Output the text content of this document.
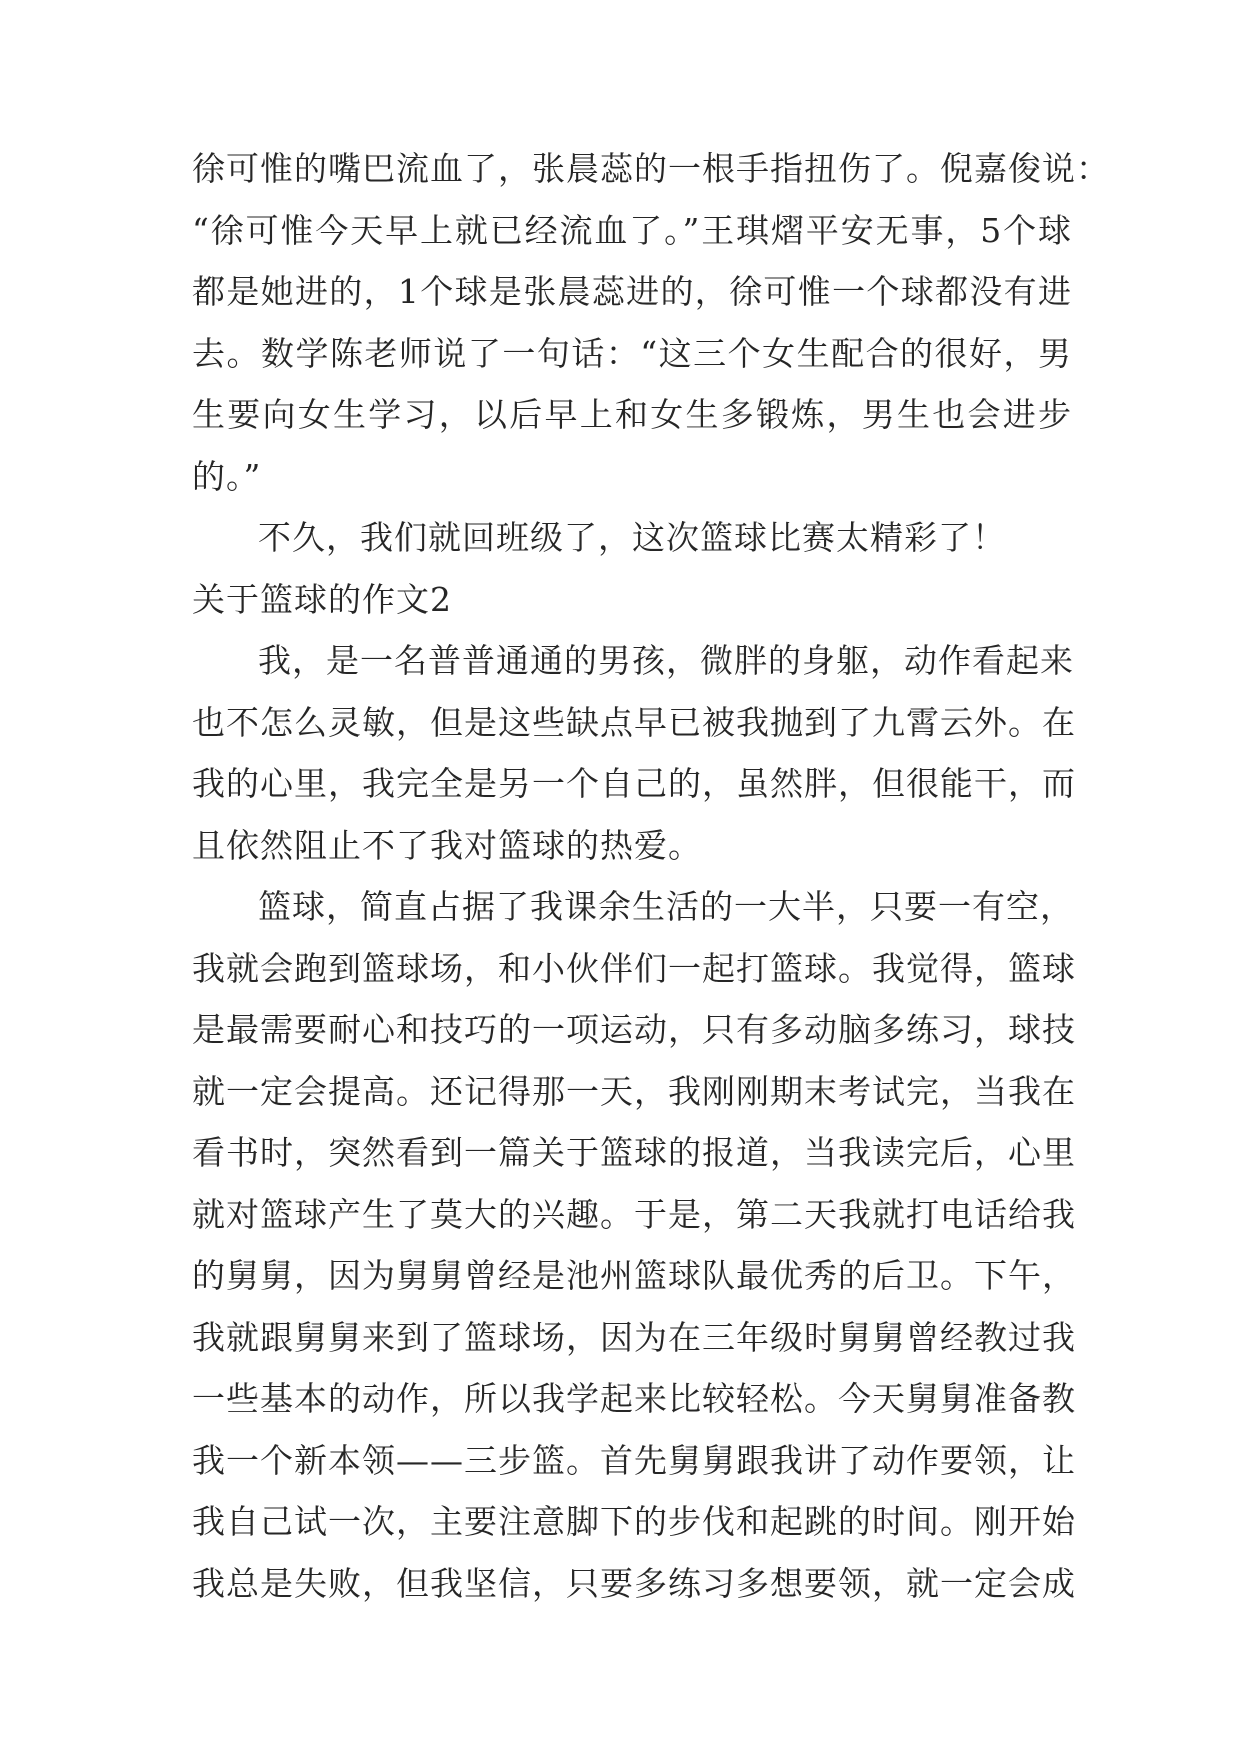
徐可惟的嘴巴流血了，张晨蕊的一根手指扭伤了。倪嘉俊说：
“徐可惟今天早上就已经流血了。”王琪熠平安无事，5个球
都是她进的，1个球是张晨蕊进的，徐可惟一个球都没有进
去。数学陈老师说了一句话：“这三个女生配合的很好，男
生要向女生学习，以后早上和女生多锻炼，男生也会进步
的。”
不久，我们就回班级了，这次篮球比赛太精彩了！
关于篮球的作文2
我，是一名普普通通的男孩，微胖的身躯，动作看起来
也不怎么灵敏，但是这些缺点早已被我抛到了九霄云外。在
我的心里，我完全是另一个自己的，虽然胖，但很能干，而
且依然阻止不了我对篮球的热爱。
篮球，简直占据了我课余生活的一大半，只要一有空，
我就会跑到篮球场，和小伙伴们一起打篮球。我觉得，篮球
是最需要耐心和技巧的一项运动，只有多动脑多练习，球技
就一定会提高。还记得那一天，我刚刚期末考试完，当我在
看书时，突然看到一篇关于篮球的报道，当我读完后，心里
就对篮球产生了莫大的兴趣。于是，第二天我就打电话给我
的舅舅，因为舅舅曾经是池州篮球队最优秀的后卫。下午，
我就跟舅舅来到了篮球场，因为在三年级时舅舅曾经教过我
一些基本的动作，所以我学起来比较轻松。今天舅舅准备教
我一个新本领——三步篮。首先舅舅跟我讲了动作要领，让
我自己试一次，主要注意脚下的步伐和起跳的时间。刚开始
我总是失败，但我坚信，只要多练习多想要领，就一定会成
